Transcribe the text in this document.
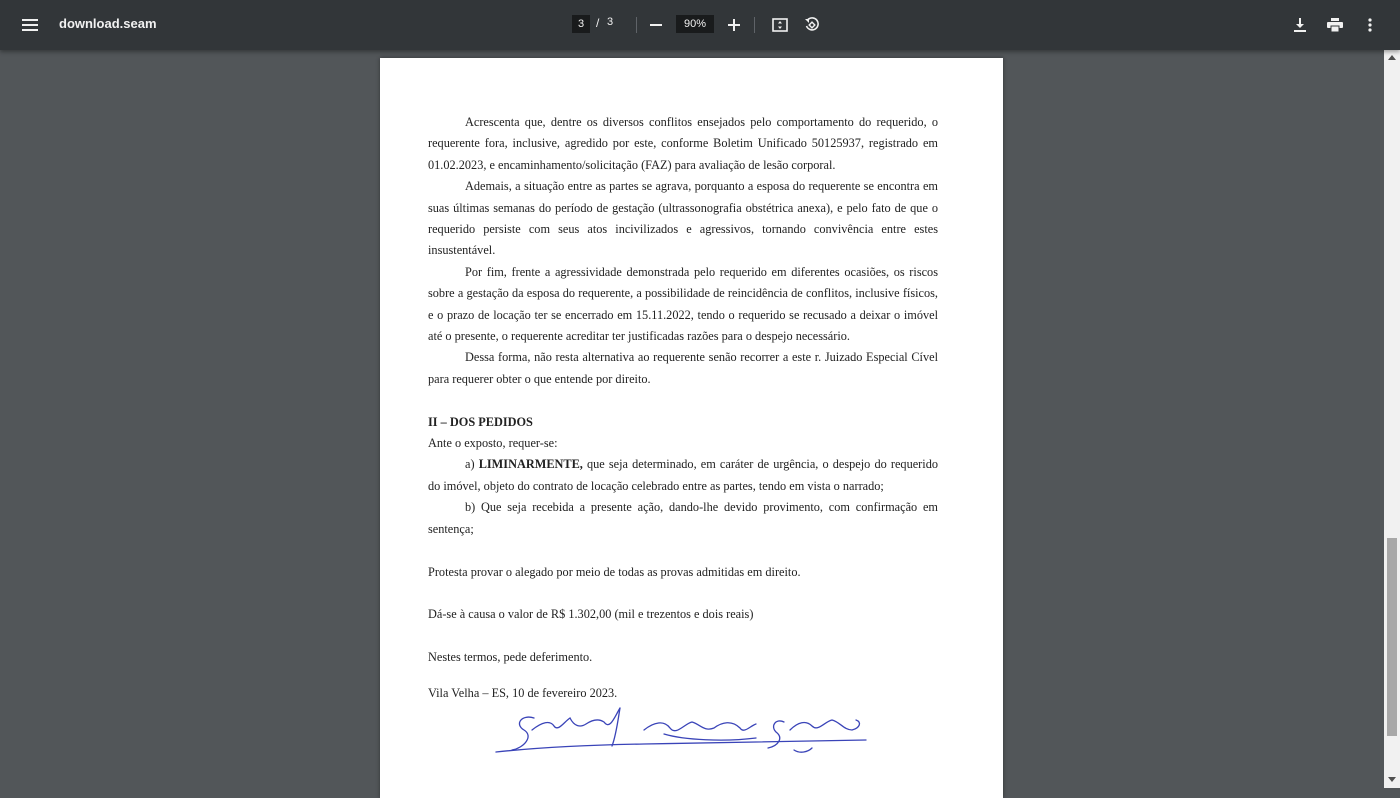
download.seam	3 / 3	90%

Acrescenta que, dentre os diversos conflitos ensejados pelo comportamento do requerido, o requerente fora, inclusive, agredido por este, conforme Boletim Unificado 50125937, registrado em 01.02.2023, e encaminhamento/solicitação (FAZ) para avaliação de lesão corporal.

Ademais, a situação entre as partes se agrava, porquanto a esposa do requerente se encontra em suas últimas semanas do período de gestação (ultrassonografia obstétrica anexa), e pelo fato de que o requerido persiste com seus atos incivilizados e agressivos, tornando convivência entre estes insustentável.

Por fim, frente a agressividade demonstrada pelo requerido em diferentes ocasiões, os riscos sobre a gestação da esposa do requerente, a possibilidade de reincidência de conflitos, inclusive físicos, e o prazo de locação ter se encerrado em 15.11.2022, tendo o requerido se recusado a deixar o imóvel até o presente, o requerente acreditar ter justificadas razões para o despejo necessário.

Dessa forma, não resta alternativa ao requerente senão recorrer a este r. Juizado Especial Cível para requerer obter o que entende por direito.

II – DOS PEDIDOS

Ante o exposto, requer-se:

a) LIMINARMENTE, que seja determinado, em caráter de urgência, o despejo do requerido do imóvel, objeto do contrato de locação celebrado entre as partes, tendo em vista o narrado;

b) Que seja recebida a presente ação, dando-lhe devido provimento, com confirmação em sentença;

Protesta provar o alegado por meio de todas as provas admitidas em direito.

Dá-se à causa o valor de R$ 1.302,00 (mil e trezentos e dois reais)

Nestes termos, pede deferimento.

Vila Velha – ES, 10 de fevereiro 2023.
